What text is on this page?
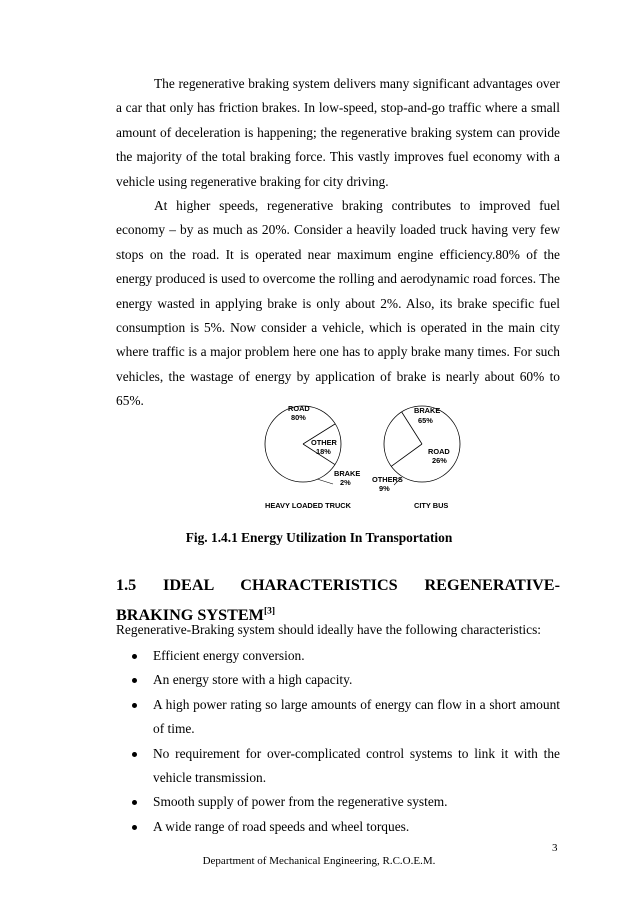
The regenerative braking system delivers many significant advantages over a car that only has friction brakes. In low-speed, stop-and-go traffic where a small amount of deceleration is happening; the regenerative braking system can provide the majority of the total braking force. This vastly improves fuel economy with a vehicle using regenerative braking for city driving.

At higher speeds, regenerative braking contributes to improved fuel economy – by as much as 20%. Consider a heavily loaded truck having very few stops on the road. It is operated near maximum engine efficiency.80% of the energy produced is used to overcome the rolling and aerodynamic road forces. The energy wasted in applying brake is only about 2%. Also, its brake specific fuel consumption is 5%. Now consider a vehicle, which is operated in the main city where traffic is a major problem here one has to apply brake many times. For such vehicles, the wastage of energy by application of brake is nearly about 60% to 65%.

ROAD
80%
OTHER
18%
BRAKE
2%
HEAVY LOADED TRUCK
BRAKE
65%
ROAD
26%
OTHERS
9%
CITY BUS
Fig. 1.4.1 Energy Utilization In Transportation
1.5 IDEAL CHARACTERISTICS REGENERATIVE-BRAKING SYSTEM[3]
Regenerative-Braking system should ideally have the following characteristics:
Efficient energy conversion.
An energy store with a high capacity.
A high power rating so large amounts of energy can flow in a short amount of time.
No requirement for over-complicated control systems to link it with the vehicle transmission.
Smooth supply of power from the regenerative system.
A wide range of road speeds and wheel torques.
3
Department of Mechanical Engineering, R.C.O.E.M.
